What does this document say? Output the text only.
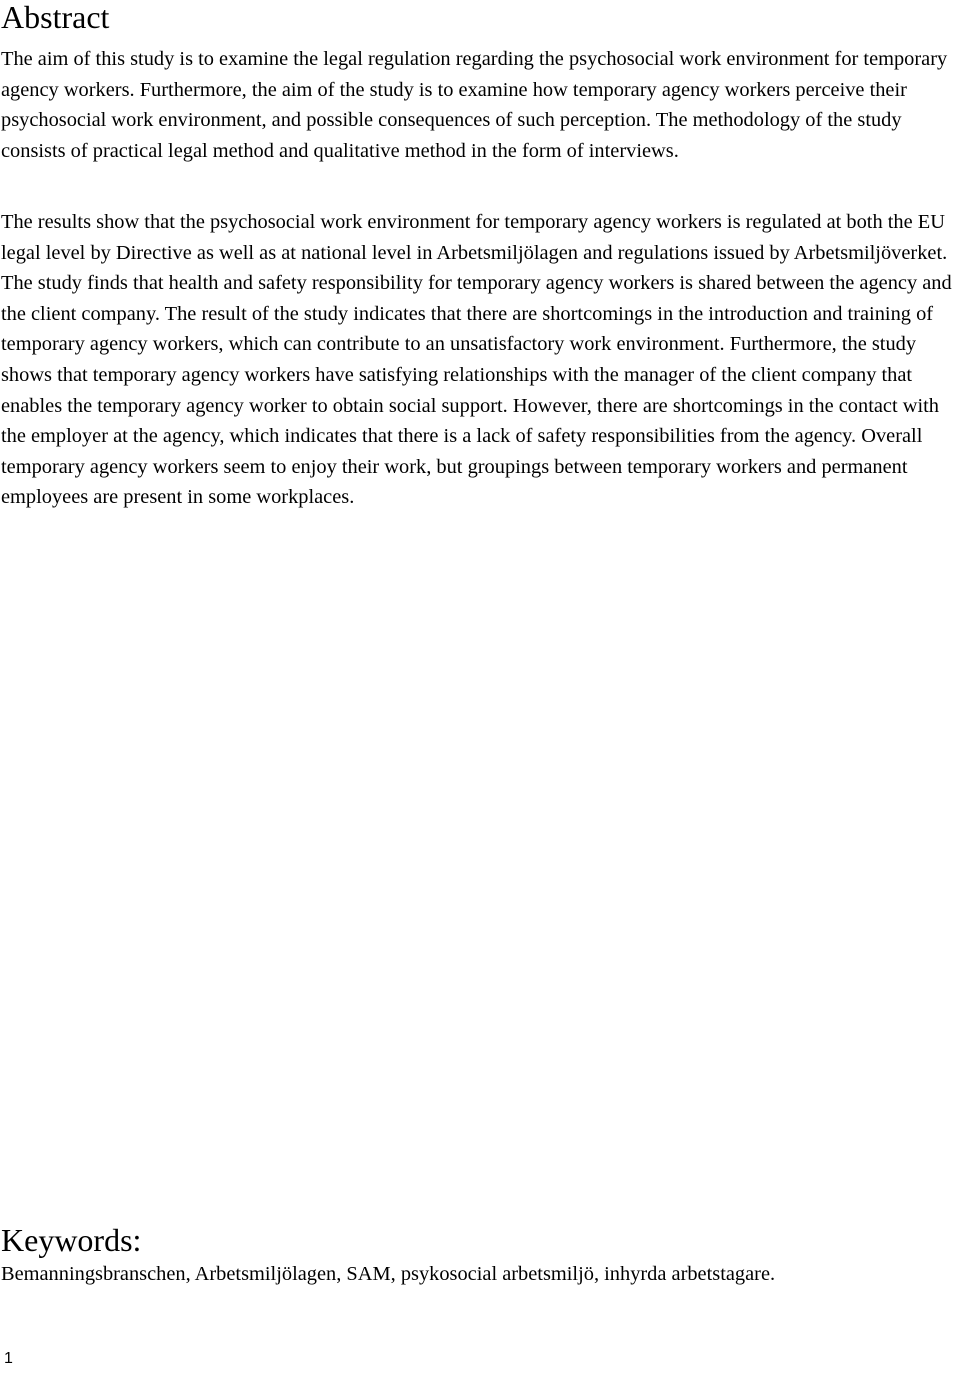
Abstract

The aim of this study is to examine the legal regulation regarding the psychosocial work environment for temporary agency workers. Furthermore, the aim of the study is to examine how temporary agency workers perceive their psychosocial work environment, and possible consequences of such perception. The methodology of the study consists of practical legal method and qualitative method in the form of interviews.

The results show that the psychosocial work environment for temporary agency workers is regulated at both the EU legal level by Directive as well as at national level in Arbetsmiljölagen and regulations issued by Arbetsmiljöverket. The study finds that health and safety responsibility for temporary agency workers is shared between the agency and the client company. The result of the study indicates that there are shortcomings in the introduction and training of temporary agency workers, which can contribute to an unsatisfactory work environment. Furthermore, the study shows that temporary agency workers have satisfying relationships with the manager of the client company that enables the temporary agency worker to obtain social support. However, there are shortcomings in the contact with the employer at the agency, which indicates that there is a lack of safety responsibilities from the agency. Overall temporary agency workers seem to enjoy their work, but groupings between temporary workers and permanent employees are present in some workplaces.

Keywords:

Bemanningsbranschen, Arbetsmiljölagen, SAM, psykosocial arbetsmiljö, inhyrda arbetstagare.

1
